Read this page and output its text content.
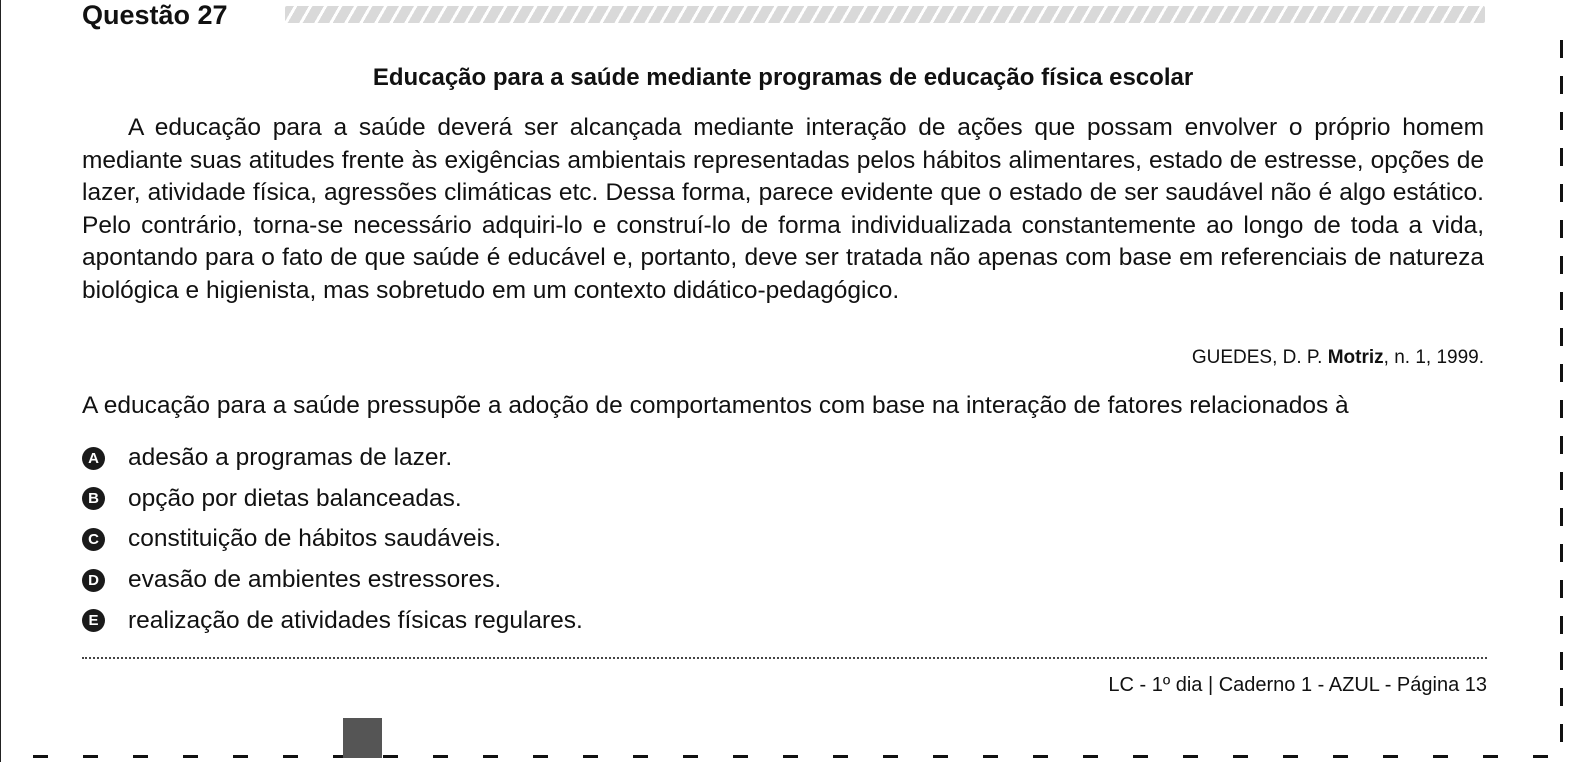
Questão 27
Educação para a saúde mediante programas de educação física escolar

A educação para a saúde deverá ser alcançada mediante interação de ações que possam envolver o próprio homem mediante suas atitudes frente às exigências ambientais representadas pelos hábitos alimentares, estado de estresse, opções de lazer, atividade física, agressões climáticas etc. Dessa forma, parece evidente que o estado de ser saudável não é algo estático. Pelo contrário, torna-se necessário adquiri-lo e construí-lo de forma individualizada constantemente ao longo de toda a vida, apontando para o fato de que saúde é educável e, portanto, deve ser tratada não apenas com base em referenciais de natureza biológica e higienista, mas sobretudo em um contexto didático-pedagógico.

GUEDES, D. P. Motriz, n. 1, 1999.
A educação para a saúde pressupõe a adoção de comportamentos com base na interação de fatores relacionados à
A adesão a programas de lazer.
B opção por dietas balanceadas.
C constituição de hábitos saudáveis.
D evasão de ambientes estressores.
E realização de atividades físicas regulares.
LC - 1º dia | Caderno 1 - AZUL - Página 13
